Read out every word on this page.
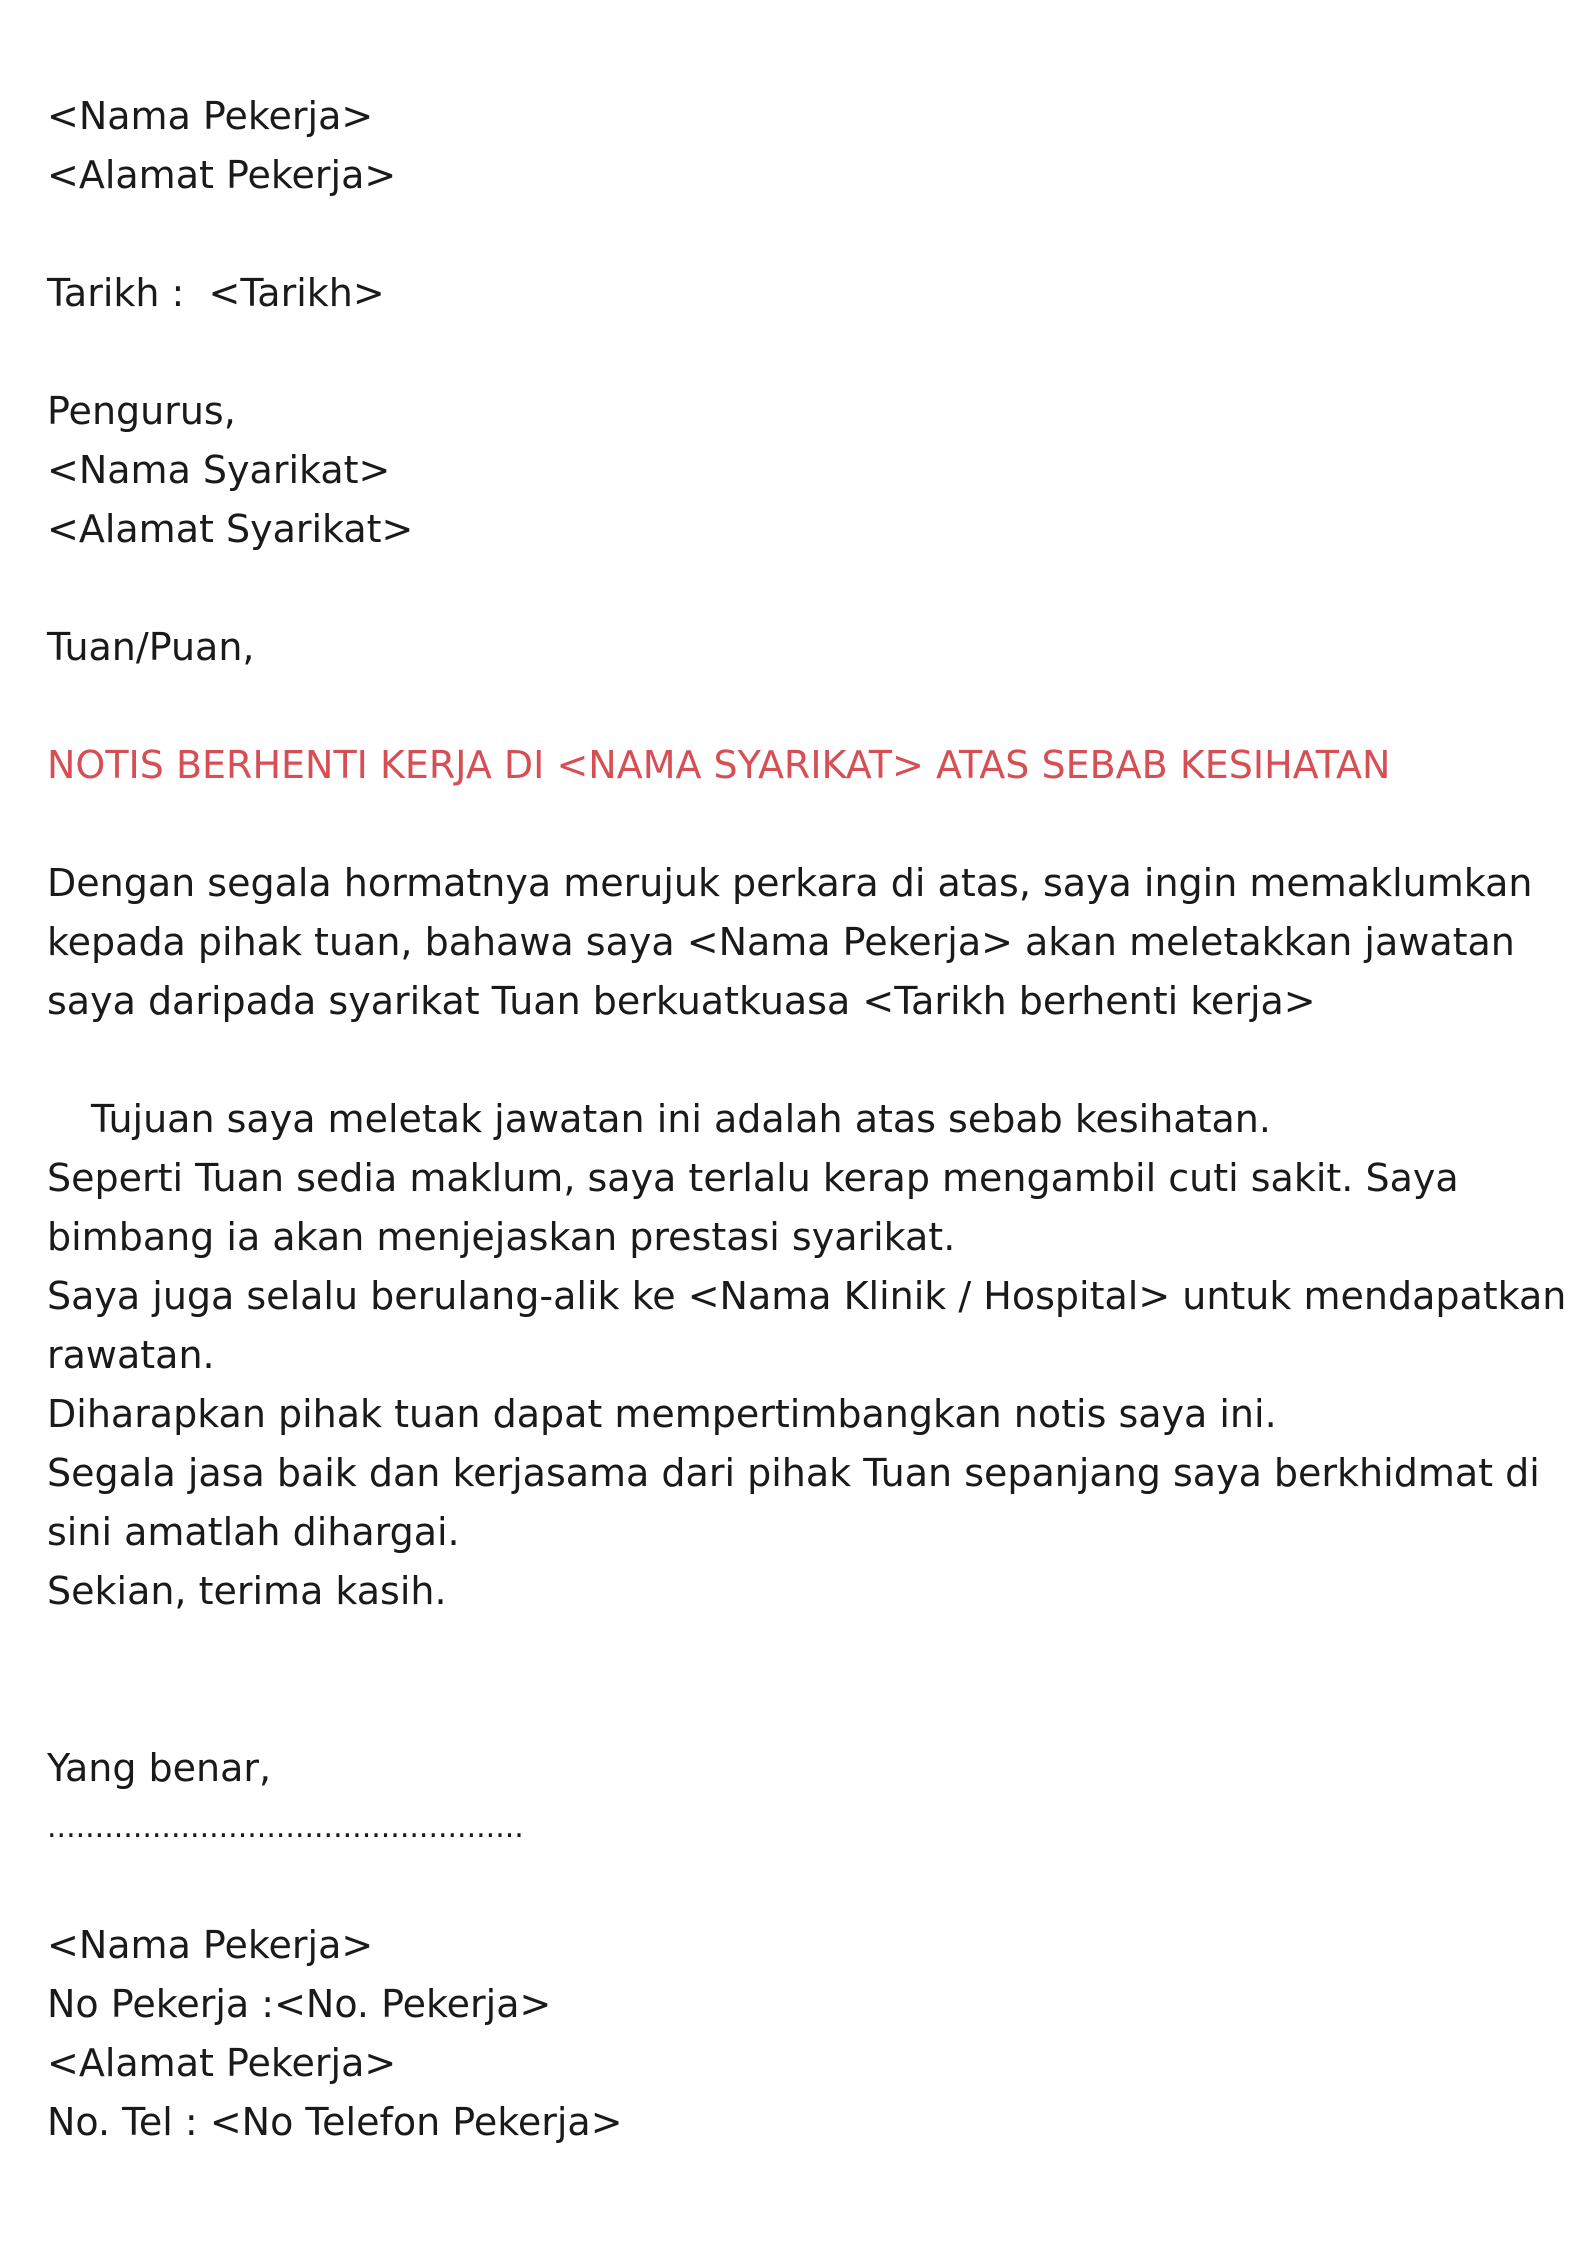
<Nama Pekerja>
<Alamat Pekerja>
Tarikh :  <Tarikh>
Pengurus,
<Nama Syarikat>
<Alamat Syarikat>
Tuan/Puan,
NOTIS BERHENTI KERJA DI <NAMA SYARIKAT> ATAS SEBAB KESIHATAN
Dengan segala hormatnya merujuk perkara di atas, saya ingin memaklumkan
kepada pihak tuan, bahawa saya <Nama Pekerja> akan meletakkan jawatan
saya daripada syarikat Tuan berkuatkuasa <Tarikh berhenti kerja>
Tujuan saya meletak jawatan ini adalah atas sebab kesihatan.
Seperti Tuan sedia maklum, saya terlalu kerap mengambil cuti sakit. Saya
bimbang ia akan menjejaskan prestasi syarikat.
Saya juga selalu berulang-alik ke <Nama Klinik / Hospital> untuk mendapatkan
rawatan.
Diharapkan pihak tuan dapat mempertimbangkan notis saya ini.
Segala jasa baik dan kerjasama dari pihak Tuan sepanjang saya berkhidmat di
sini amatlah dihargai.
Sekian, terima kasih.
Yang benar,
..................................................
<Nama Pekerja>
No Pekerja :<No. Pekerja>
<Alamat Pekerja>
No. Tel : <No Telefon Pekerja>
